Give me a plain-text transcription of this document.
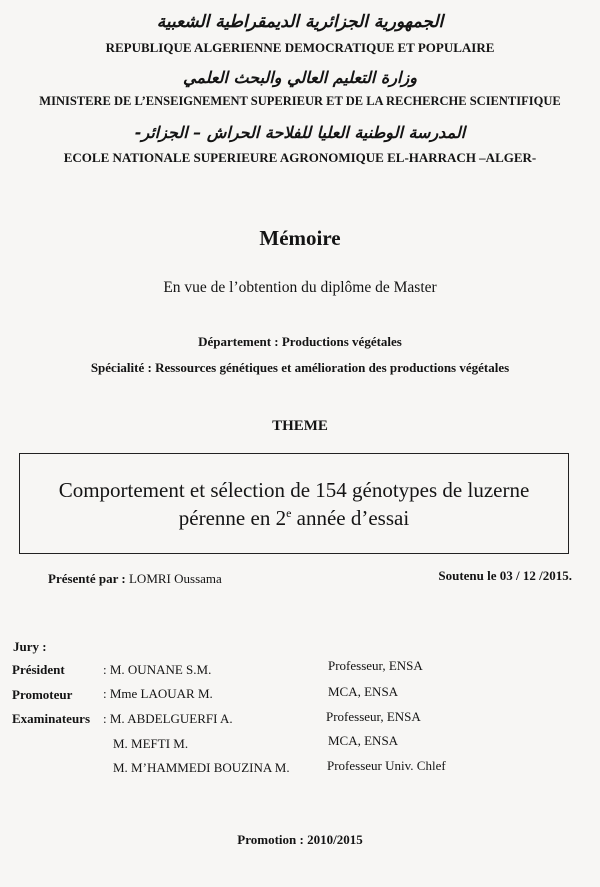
الجمهورية الجزائرية الديمقراطية الشعبية
REPUBLIQUE ALGERIENNE DEMOCRATIQUE ET POPULAIRE
وزارة التعليم العالي والبحث العلمي
MINISTERE DE L’ENSEIGNEMENT SUPERIEUR ET DE LA RECHERCHE SCIENTIFIQUE
المدرسة الوطنية العليا للفلاحة الحراش – الجزائر-
ECOLE NATIONALE SUPERIEURE AGRONOMIQUE EL-HARRACH –ALGER-
Mémoire
En vue de l’obtention du diplôme de Master
Département : Productions végétales
Spécialité : Ressources génétiques et amélioration des productions végétales
THEME
Comportement et sélection de 154 génotypes de luzerne
pérenne en 2e année d’essai
Présenté par : LOMRI Oussama	Soutenu le 03 / 12 /2015.
Jury :
Président	: M. OUNANE S.M.	Professeur, ENSA
Promoteur : Mme LAOUAR M.	MCA, ENSA
Examinateurs : M. ABDELGUERFI A.	Professeur, ENSA
M. MEFTI M.	MCA, ENSA
M. M’HAMMEDI BOUZINA M.	Professeur Univ. Chlef
Promotion : 2010/2015
